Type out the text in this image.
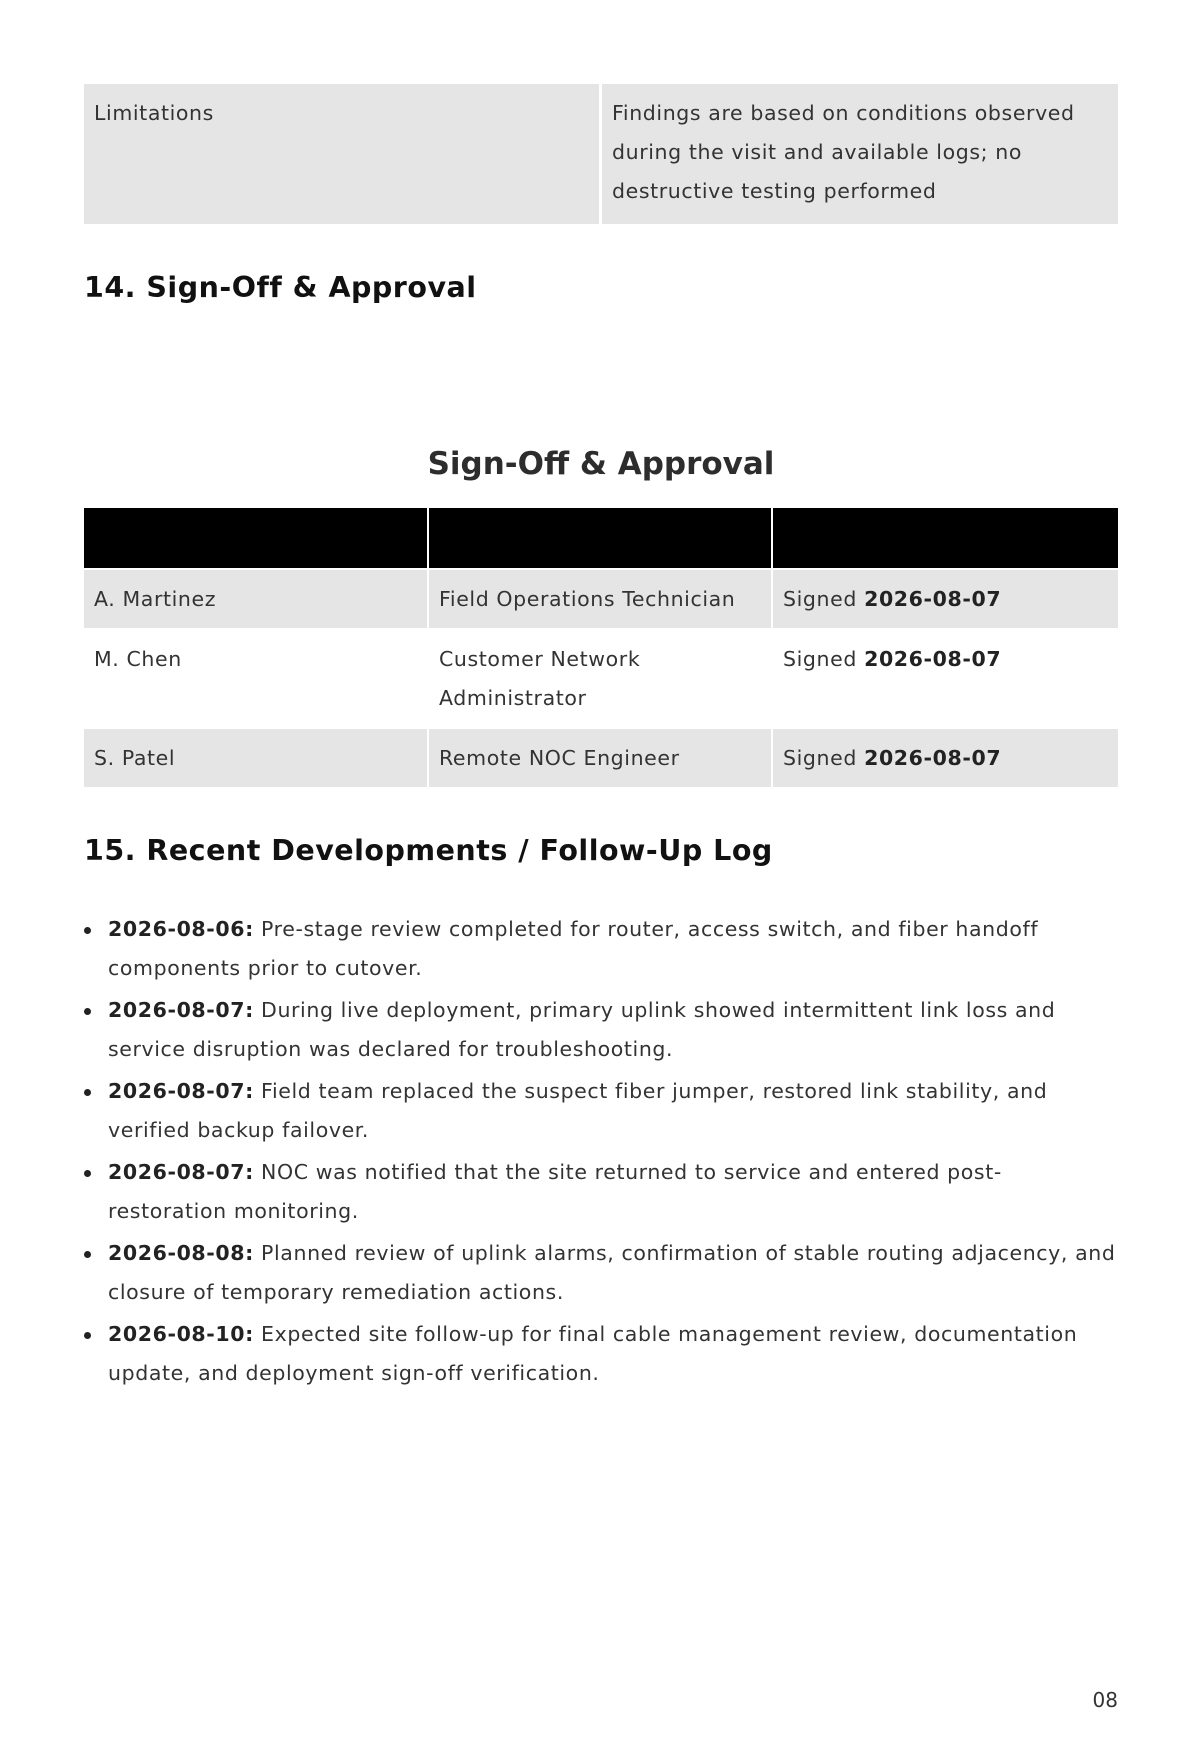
Limitations	Findings are based on conditions observed during the visit and available logs; no destructive testing performed
14. Sign-Off & Approval
Sign-Off & Approval

A. Martinez	Field Operations Technician	Signed 2026-08-07
M. Chen	Customer Network Administrator	Signed 2026-08-07
S. Patel	Remote NOC Engineer	Signed 2026-08-07
15. Recent Developments / Follow-Up Log
2026-08-06: Pre-stage review completed for router, access switch, and fiber handoff components prior to cutover.
2026-08-07: During live deployment, primary uplink showed intermittent link loss and service disruption was declared for troubleshooting.
2026-08-07: Field team replaced the suspect fiber jumper, restored link stability, and verified backup failover.
2026-08-07: NOC was notified that the site returned to service and entered post-restoration monitoring.
2026-08-08: Planned review of uplink alarms, confirmation of stable routing adjacency, and closure of temporary remediation actions.
2026-08-10: Expected site follow-up for final cable management review, documentation update, and deployment sign-off verification.
08
